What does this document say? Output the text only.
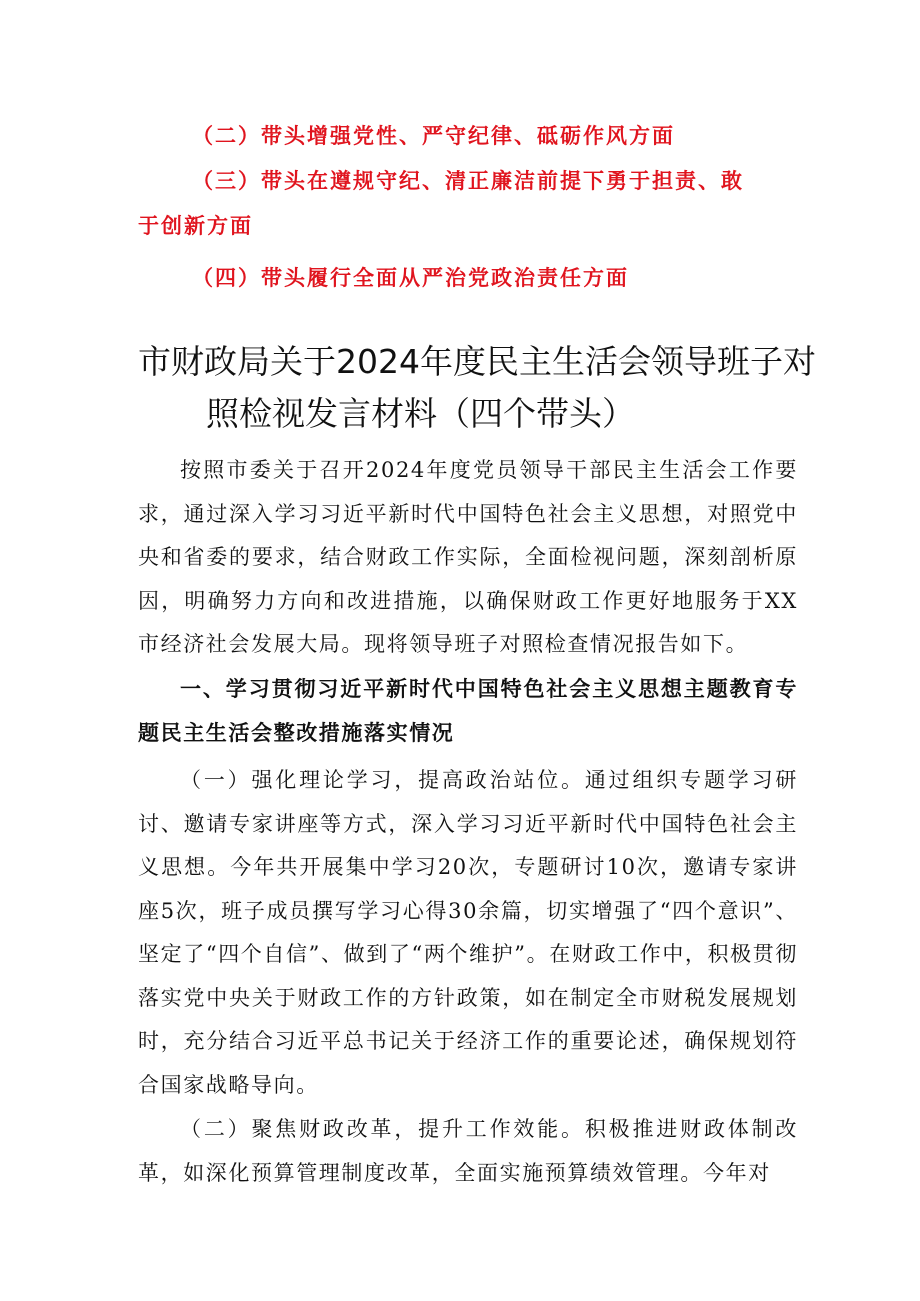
（二）带头增强党性、严守纪律、砥砺作风方面
（三）带头在遵规守纪、清正廉洁前提下勇于担责、敢
于创新方面
（四）带头履行全面从严治党政治责任方面
市财政局关于2024年度民主生活会领导班子对
照检视发言材料（四个带头）

按照市委关于召开2024年度党员领导干部民主生活会工作要求，通过深入学习习近平新时代中国特色社会主义思想，对照党中央和省委的要求，结合财政工作实际，全面检视问题，深刻剖析原因，明确努力方向和改进措施，以确保财政工作更好地服务于XX市经济社会发展大局。现将领导班子对照检查情况报告如下。

一、学习贯彻习近平新时代中国特色社会主义思想主题教育专题民主生活会整改措施落实情况

（一）强化理论学习，提高政治站位。通过组织专题学习研讨、邀请专家讲座等方式，深入学习习近平新时代中国特色社会主义思想。今年共开展集中学习20次，专题研讨10次，邀请专家讲座5次，班子成员撰写学习心得30余篇，切实增强了“四个意识”、坚定了“四个自信”、做到了“两个维护”。在财政工作中，积极贯彻落实党中央关于财政工作的方针政策，如在制定全市财税发展规划时，充分结合习近平总书记关于经济工作的重要论述，确保规划符合国家战略导向。

（二）聚焦财政改革，提升工作效能。积极推进财政体制改革，如深化预算管理制度改革，全面实施预算绩效管理。今年对
